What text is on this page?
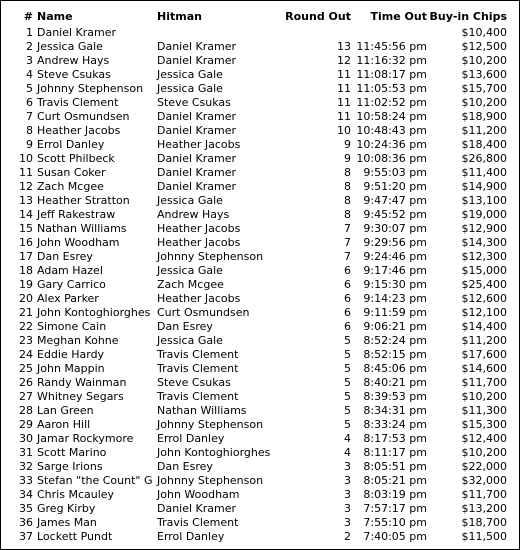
#	Name	Hitman	Round Out	Time Out	Buy-in Chips
1	Daniel Kramer				$10,400
2	Jessica Gale	Daniel Kramer	13	11:45:56 pm	$12,500
3	Andrew Hays	Daniel Kramer	12	11:16:32 pm	$10,200
4	Steve Csukas	Jessica Gale	11	11:08:17 pm	$13,600
5	Johnny Stephenson	Jessica Gale	11	11:05:53 pm	$15,700
6	Travis Clement	Steve Csukas	11	11:02:52 pm	$10,200
7	Curt Osmundsen	Daniel Kramer	11	10:58:24 pm	$18,900
8	Heather Jacobs	Daniel Kramer	10	10:48:43 pm	$11,200
9	Errol Danley	Heather Jacobs	9	10:24:36 pm	$18,400
10	Scott Philbeck	Daniel Kramer	9	10:08:36 pm	$26,800
11	Susan Coker	Daniel Kramer	8	9:55:03 pm	$11,400
12	Zach Mcgee	Daniel Kramer	8	9:51:20 pm	$14,900
13	Heather Stratton	Jessica Gale	8	9:47:47 pm	$13,100
14	Jeff Rakestraw	Andrew Hays	8	9:45:52 pm	$19,000
15	Nathan Williams	Heather Jacobs	7	9:30:07 pm	$12,900
16	John Woodham	Heather Jacobs	7	9:29:56 pm	$14,300
17	Dan Esrey	Johnny Stephenson	7	9:24:46 pm	$12,300
18	Adam Hazel	Jessica Gale	6	9:17:46 pm	$15,000
19	Gary Carrico	Zach Mcgee	6	9:15:30 pm	$25,400
20	Alex Parker	Heather Jacobs	6	9:14:23 pm	$12,600
21	John Kontoghiorghes	Curt Osmundsen	6	9:11:59 pm	$12,100
22	Simone Cain	Dan Esrey	6	9:06:21 pm	$14,400
23	Meghan Kohne	Jessica Gale	5	8:52:24 pm	$11,200
24	Eddie Hardy	Travis Clement	5	8:52:15 pm	$17,600
25	John Mappin	Travis Clement	5	8:45:06 pm	$14,600
26	Randy Wainman	Steve Csukas	5	8:40:21 pm	$11,700
27	Whitney Segars	Travis Clement	5	8:39:53 pm	$10,200
28	Lan Green	Nathan Williams	5	8:34:31 pm	$11,300
29	Aaron Hill	Johnny Stephenson	5	8:33:24 pm	$15,300
30	Jamar Rockymore	Errol Danley	4	8:17:53 pm	$12,400
31	Scott Marino	John Kontoghiorghes	4	8:11:17 pm	$10,200
32	Sarge Irions	Dan Esrey	3	8:05:51 pm	$22,000
33	Stefan "the Count" G	Johnny Stephenson	3	8:05:21 pm	$32,000
34	Chris Mcauley	John Woodham	3	8:03:19 pm	$11,700
35	Greg Kirby	Daniel Kramer	3	7:57:17 pm	$13,200
36	James Man	Travis Clement	3	7:55:10 pm	$18,700
37	Lockett Pundt	Errol Danley	2	7:40:05 pm	$11,500
